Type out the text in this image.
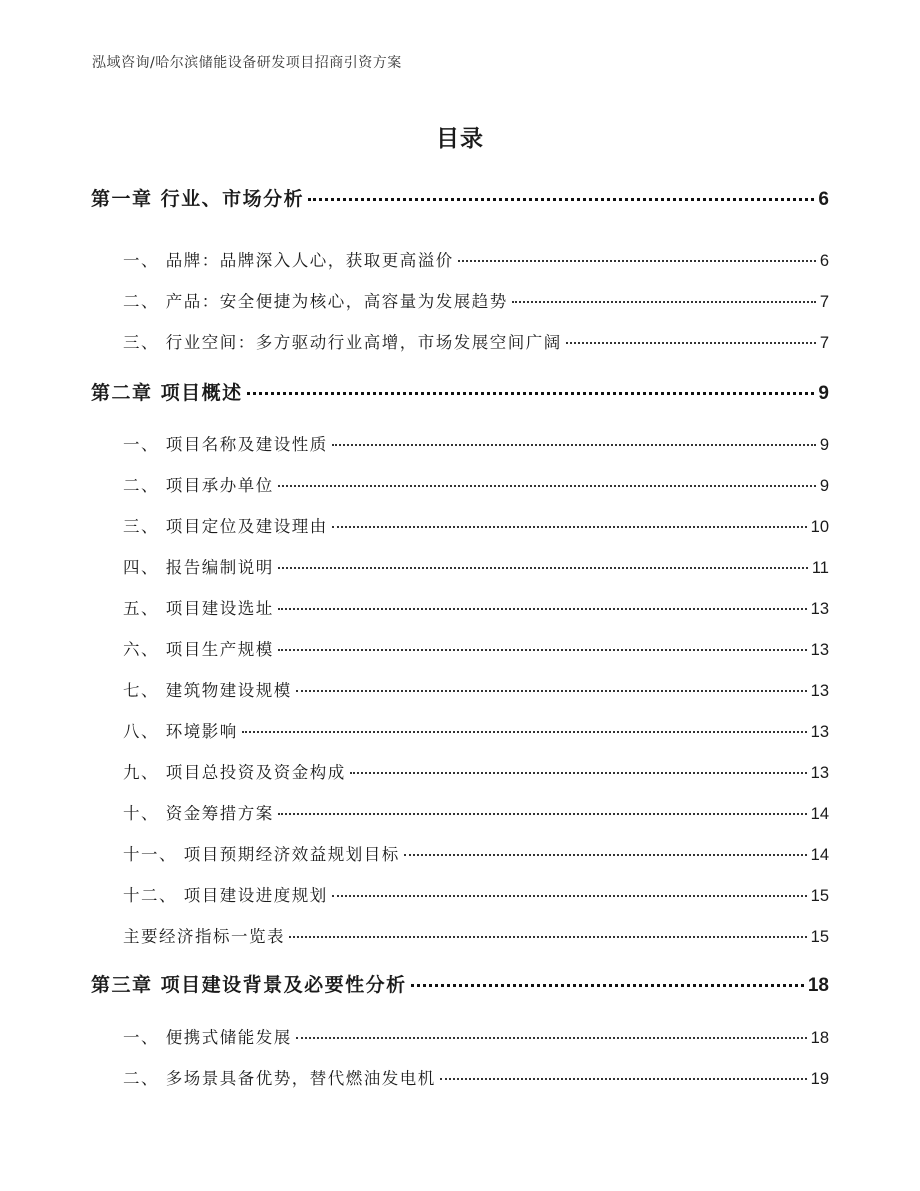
泓域咨询/哈尔滨储能设备研发项目招商引资方案
目录
第一章 行业、市场分析	6
一、 品牌：品牌深入人心，获取更高溢价	6
二、 产品：安全便捷为核心，高容量为发展趋势	7
三、 行业空间：多方驱动行业高增，市场发展空间广阔	7
第二章 项目概述	9
一、 项目名称及建设性质	9
二、 项目承办单位	9
三、 项目定位及建设理由	10
四、 报告编制说明	11
五、 项目建设选址	13
六、 项目生产规模	13
七、 建筑物建设规模	13
八、 环境影响	13
九、 项目总投资及资金构成	13
十、 资金筹措方案	14
十一、 项目预期经济效益规划目标	14
十二、 项目建设进度规划	15
主要经济指标一览表	15
第三章 项目建设背景及必要性分析	18
一、 便携式储能发展	18
二、 多场景具备优势，替代燃油发电机	19
